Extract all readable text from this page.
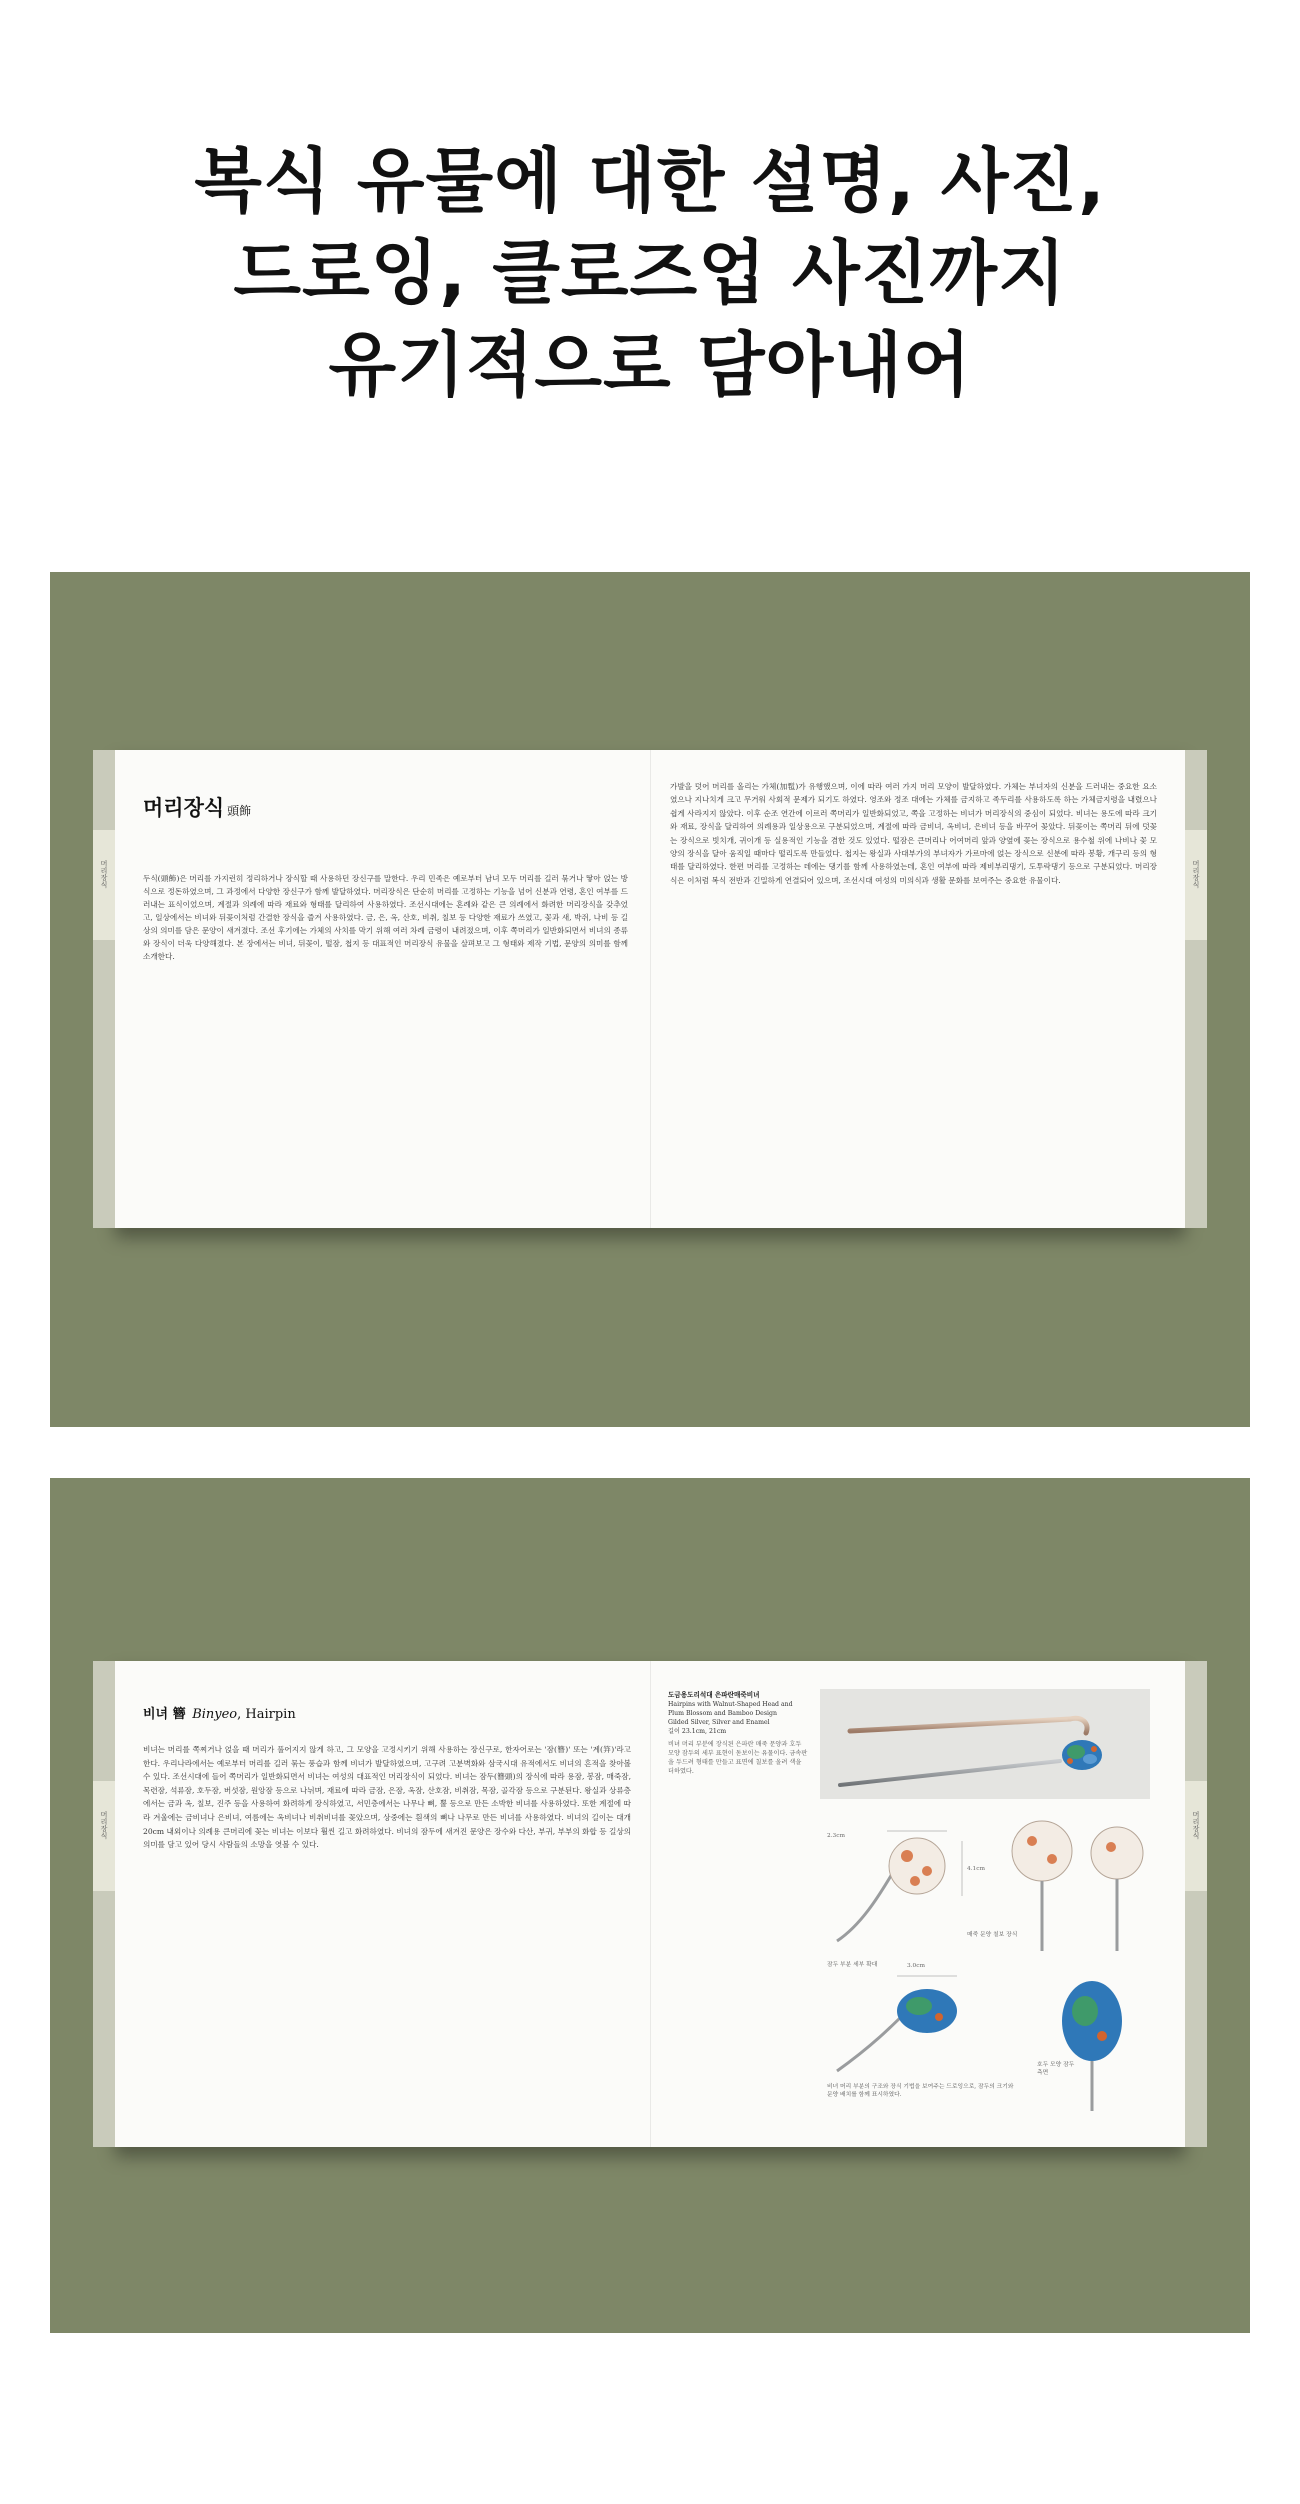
복식 유물에 대한 설명, 사진,
드로잉, 클로즈업 사진까지
유기적으로 담아내어
머리장식	머리장식
머리장식 頭飾

두식(頭飾)은 머리를 가지런히 정리하거나 장식할 때 사용하던 장신구를 말한다. 우리 민족은 예로부터 남녀 모두 머리를 길러 묶거나 땋아 얹는 방식으로 정돈하였으며, 그 과정에서 다양한 장신구가 함께 발달하였다. 머리장식은 단순히 머리를 고정하는 기능을 넘어 신분과 연령, 혼인 여부를 드러내는 표식이었으며, 계절과 의례에 따라 재료와 형태를 달리하여 사용하였다. 조선시대에는 혼례와 같은 큰 의례에서 화려한 머리장식을 갖추었고, 일상에서는 비녀와 뒤꽂이처럼 간결한 장식을 즐겨 사용하였다. 금, 은, 옥, 산호, 비취, 칠보 등 다양한 재료가 쓰였고, 꽃과 새, 박쥐, 나비 등 길상의 의미를 담은 문양이 새겨졌다. 조선 후기에는 가체의 사치를 막기 위해 여러 차례 금령이 내려졌으며, 이후 쪽머리가 일반화되면서 비녀의 종류와 장식이 더욱 다양해졌다. 본 장에서는 비녀, 뒤꽂이, 떨잠, 첩지 등 대표적인 머리장식 유물을 살펴보고 그 형태와 제작 기법, 문양의 의미를 함께 소개한다.

가발을 덧어 머리를 올리는 가체(加髢)가 유행했으며, 이에 따라 여러 가지 머리 모양이 발달하였다. 가체는 부녀자의 신분을 드러내는 중요한 요소였으나 지나치게 크고 무거워 사회적 문제가 되기도 하였다. 영조와 정조 대에는 가체를 금지하고 족두리를 사용하도록 하는 가체금지령을 내렸으나 쉽게 사라지지 않았다. 이후 순조 연간에 이르러 쪽머리가 일반화되었고, 쪽을 고정하는 비녀가 머리장식의 중심이 되었다. 비녀는 용도에 따라 크기와 재료, 장식을 달리하여 의례용과 일상용으로 구분되었으며, 계절에 따라 금비녀, 옥비녀, 은비녀 등을 바꾸어 꽂았다. 뒤꽂이는 쪽머리 뒤에 덧꽂는 장식으로 빗치개, 귀이개 등 실용적인 기능을 겸한 것도 있었다. 떨잠은 큰머리나 어여머리 앞과 양옆에 꽂는 장식으로 용수철 위에 나비나 꽃 모양의 장식을 달아 움직일 때마다 떨리도록 만들었다. 첩지는 왕실과 사대부가의 부녀자가 가르마에 얹는 장식으로 신분에 따라 봉황, 개구리 등의 형태를 달리하였다. 한편 머리를 고정하는 데에는 댕기를 함께 사용하였는데, 혼인 여부에 따라 제비부리댕기, 도투락댕기 등으로 구분되었다. 머리장식은 이처럼 복식 전반과 긴밀하게 연결되어 있으며, 조선시대 여성의 미의식과 생활 문화를 보여주는 중요한 유물이다.

머리장식	머리장식
비녀 簪 Binyeo, Hairpin

비녀는 머리를 쪽찌거나 얹을 때 머리가 풀어지지 않게 하고, 그 모양을 고정시키기 위해 사용하는 장신구로, 한자어로는 '잠(簪)' 또는 '계(笄)'라고 한다. 우리나라에서는 예로부터 머리를 길러 묶는 풍습과 함께 비녀가 발달하였으며, 고구려 고분벽화와 삼국시대 유적에서도 비녀의 흔적을 찾아볼 수 있다. 조선시대에 들어 쪽머리가 일반화되면서 비녀는 여성의 대표적인 머리장식이 되었다. 비녀는 잠두(簪頭)의 장식에 따라 용잠, 봉잠, 매죽잠, 목련잠, 석류잠, 호두잠, 버섯잠, 원앙잠 등으로 나뉘며, 재료에 따라 금잠, 은잠, 옥잠, 산호잠, 비취잠, 목잠, 골각잠 등으로 구분된다. 왕실과 상류층에서는 금과 옥, 칠보, 진주 등을 사용하여 화려하게 장식하였고, 서민층에서는 나무나 뼈, 뿔 등으로 만든 소박한 비녀를 사용하였다. 또한 계절에 따라 겨울에는 금비녀나 은비녀, 여름에는 옥비녀나 비취비녀를 꽂았으며, 상중에는 흰색의 뼈나 나무로 만든 비녀를 사용하였다. 비녀의 길이는 대개 20cm 내외이나 의례용 큰머리에 꽂는 비녀는 이보다 훨씬 길고 화려하였다. 비녀의 잠두에 새겨진 문양은 장수와 다산, 부귀, 부부의 화합 등 길상의 의미를 담고 있어 당시 사람들의 소망을 엿볼 수 있다.

도금용도리석대 은파란매죽비녀
Hairpins with Walnut-Shaped Head and Plum Blossom and Bamboo Design
Gilded Silver, Silver and Enamel
길이 23.1cm, 21cm
비녀 머리 부분에 장식된 은파란 매죽 문양과 호두 모양 잠두의 세부 표현이 돋보이는 유물이다. 금속판을 두드려 형태를 만들고 표면에 칠보를 올려 색을 더하였다.
2.3cm
4.1cm
3.0cm
잠두 부분 세부 확대
매죽 문양 칠보 장식
호두 모양 잠두 측면
비녀 머리 부분의 구조와 장식 기법을 보여주는 드로잉으로, 잠두의 크기와 문양 배치를 함께 표시하였다.
